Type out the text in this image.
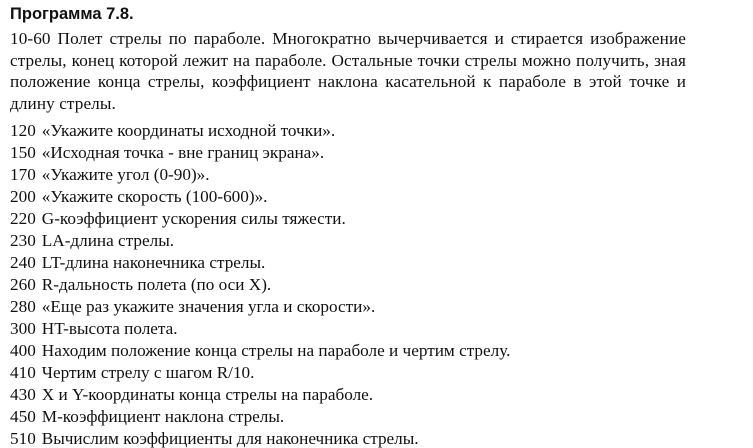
Программа 7.8.
10-60 Полет стрелы по параболе. Многократно вычерчивается и стирается изображение стрелы, конец которой лежит на параболе. Остальные точки стрелы можно получить, зная положение конца стрелы, коэффициент наклона касательной к параболе в этой точке и длину стрелы.
120 «Укажите координаты исходной точки».
150 «Исходная точка - вне границ экрана».
170 «Укажите угол (0-90)».
200 «Укажите скорость (100-600)».
220 G-коэффициент ускорения силы тяжести.
230 LA-длина стрелы.
240 LT-длина наконечника стрелы.
260 R-дальность полета (по оси X).
280 «Еще раз укажите значения угла и скорости».
300 HT-высота полета.
400 Находим положение конца стрелы на параболе и чертим стрелу.
410 Чертим стрелу с шагом R/10.
430 X и Y-координаты конца стрелы на параболе.
450 M-коэффициент наклона стрелы.
510 Вычислим коэффициенты для наконечника стрелы.
